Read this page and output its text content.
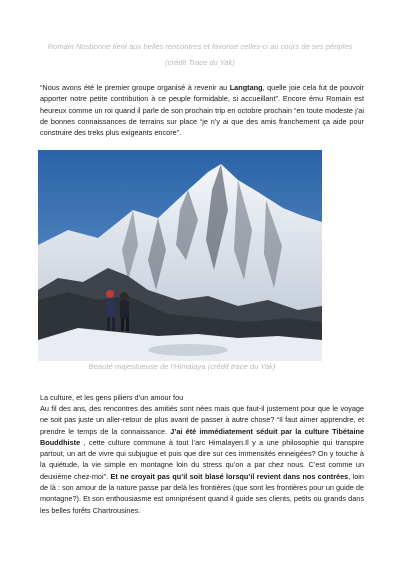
Romain Nosbonne tient aux belles rencontres et favorise celles-ci au cours de ses périples (crédit Trace du Yak)

“Nous avons été le premier groupe organisé à revenir au Langtang, quelle joie cela fut de pouvoir apporter notre petite contribution à ce peuple formidable, si accueillant”. Encore ému Romain est heureux comme un roi quand il parle de son prochain trip en octobre prochain “en toute modeste j’ai de bonnes connaissances de terrains sur place “je n’y ai que des amis franchement ça aide pour construire des treks plus exigeants encore”.

Beauté majestueuse de l’Himalaya (crédit trace du Yak)

La culture, et les gens piliers d’un amour fou

Au fil des ans, des rencontres des amitiés sont nées mais que faut-il justement pour que le voyage ne soit pas juste un aller-retour de plus avant de passer à autre chose? “Il faut aimer apprendre, et prendre le temps de la connaissance. J’ai été immédiatement séduit par la culture Tibétaine Bouddhiste , cette culture commune à tout l’arc Himalayen.Il y a une philosophie qui transpire partout, un art de vivre qui subjugue et puis que dire sur ces immensités enneigées? On y touche à la quiétude, la vie simple en montagne loin du stress qu’on a par chez nous. C’est comme un deuxième chez-moi”. Et ne croyait pas qu’il soit blasé lorsqu’il revient dans nos contrées, loin de là : son amour de la nature passe par delà les frontières (que sont les frontières pour un guide de montagne?). Et son enthousiasme est omniprésent quand il guide ses clients, petits ou grands dans les belles forêts Chartrousines.
